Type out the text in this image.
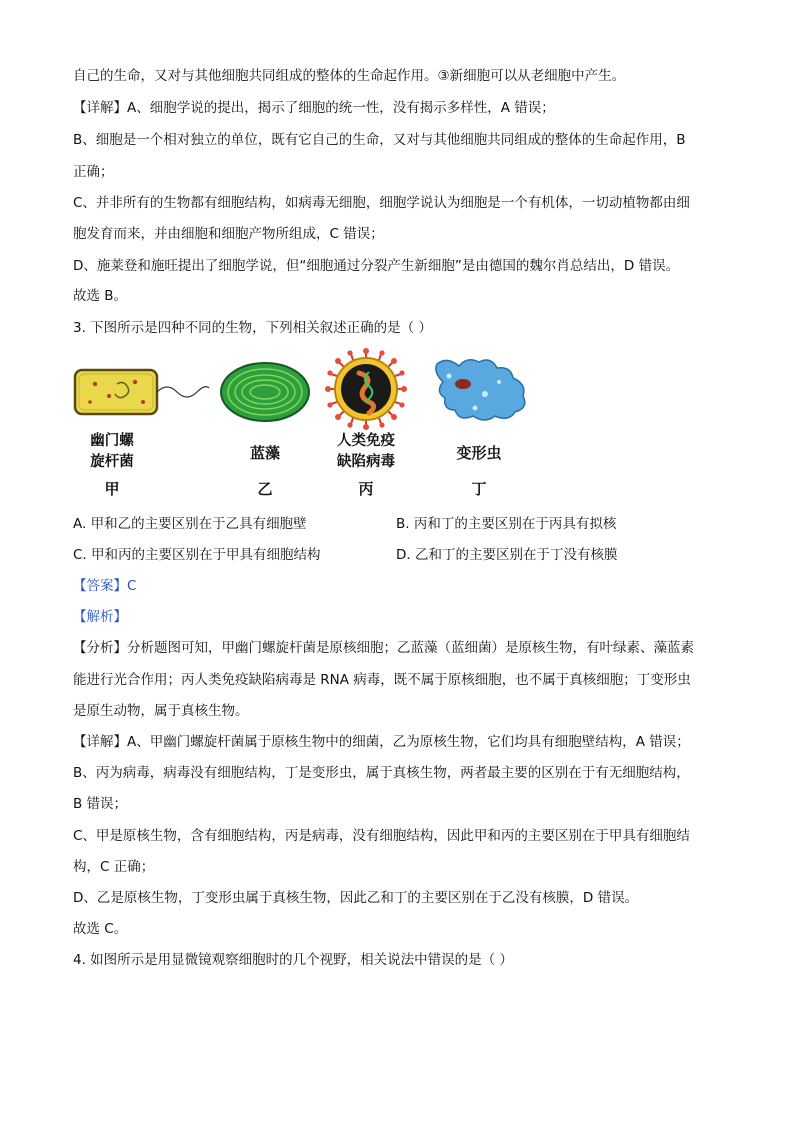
自己的生命，又对与其他细胞共同组成的整体的生命起作用。③新细胞可以从老细胞中产生。
【详解】A、细胞学说的提出，揭示了细胞的统一性，没有揭示多样性，A 错误；
B、细胞是一个相对独立的单位，既有它自己的生命，又对与其他细胞共同组成的整体的生命起作用，B
正确；
C、并非所有的生物都有细胞结构，如病毒无细胞，细胞学说认为细胞是一个有机体，一切动植物都由细
胞发育而来，并由细胞和细胞产物所组成，C 错误；
D、施莱登和施旺提出了细胞学说，但“细胞通过分裂产生新细胞”是由德国的魏尔肖总结出，D 错误。
故选 B。
3. 下图所示是四种不同的生物，下列相关叙述正确的是（ ）
幽门螺
旋杆菌
甲
蓝藻
乙
人类免疫
缺陷病毒
丙
变形虫
丁
A. 甲和乙的主要区别在于乙具有细胞壁	B. 丙和丁的主要区别在于丙具有拟核
C. 甲和丙的主要区别在于甲具有细胞结构	D. 乙和丁的主要区别在于丁没有核膜
【答案】C
【解析】
【分析】分析题图可知，甲幽门螺旋杆菌是原核细胞；乙蓝藻（蓝细菌）是原核生物，有叶绿素、藻蓝素
能进行光合作用；丙人类免疫缺陷病毒是 RNA 病毒，既不属于原核细胞，也不属于真核细胞；丁变形虫
是原生动物，属于真核生物。
【详解】A、甲幽门螺旋杆菌属于原核生物中的细菌，乙为原核生物，它们均具有细胞壁结构，A 错误；
B、丙为病毒，病毒没有细胞结构，丁是变形虫，属于真核生物，两者最主要的区别在于有无细胞结构，
B 错误；
C、甲是原核生物，含有细胞结构，丙是病毒，没有细胞结构，因此甲和丙的主要区别在于甲具有细胞结
构，C 正确；
D、乙是原核生物，丁变形虫属于真核生物，因此乙和丁的主要区别在于乙没有核膜，D 错误。
故选 C。
4. 如图所示是用显微镜观察细胞时的几个视野，相关说法中错误的是（ ）
